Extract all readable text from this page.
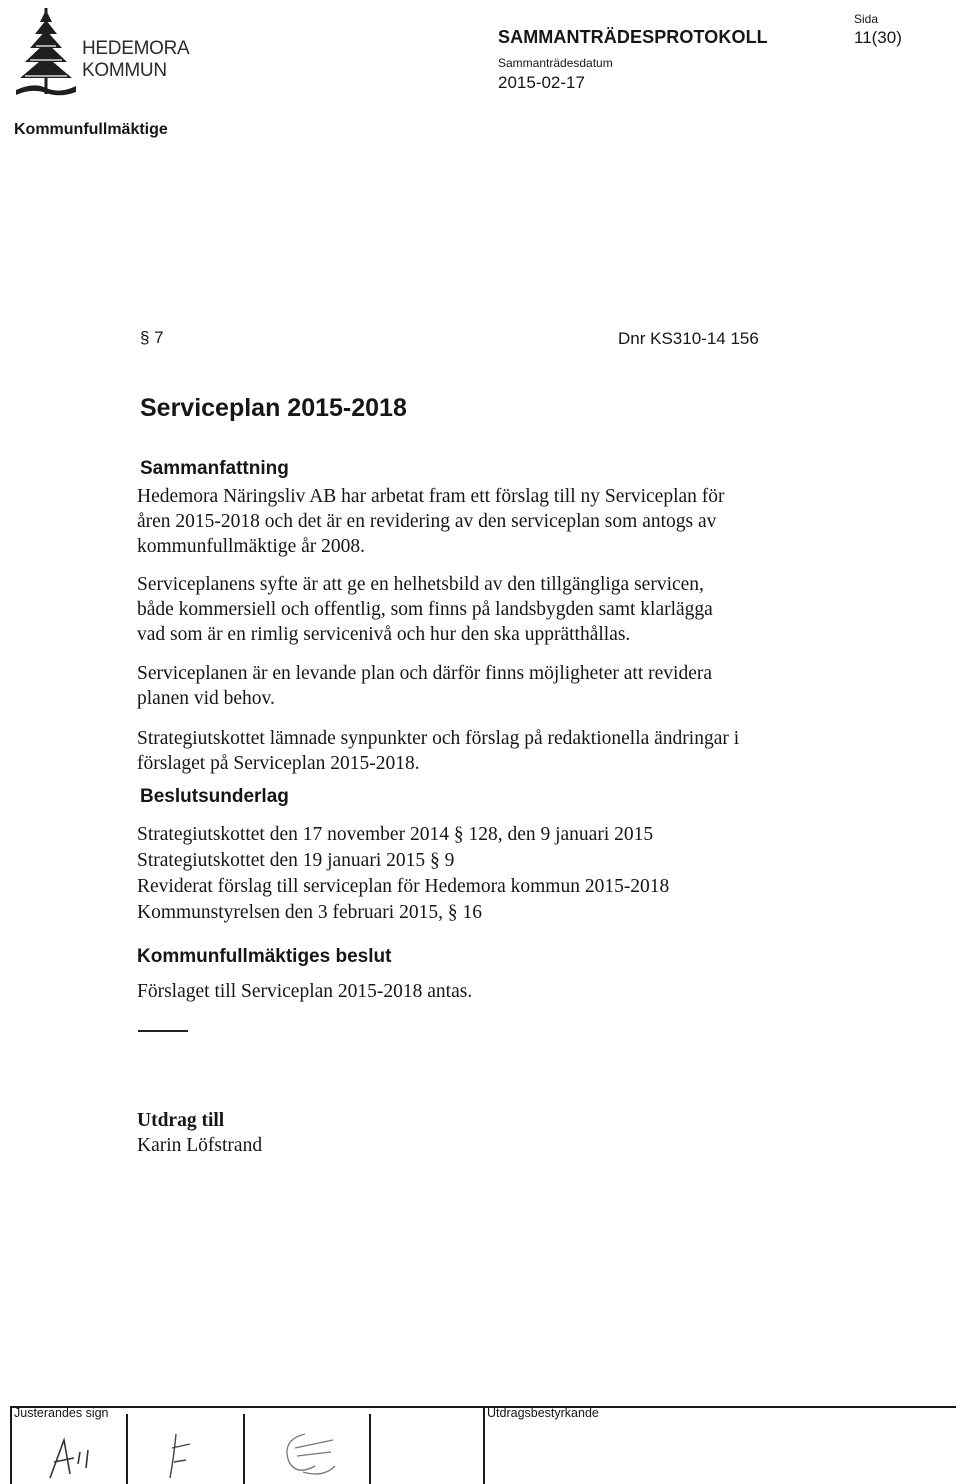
HEDEMORA
KOMMUN
SAMMANTRÄDESPROTOKOLL
Sammanträdesdatum
2015-02-17
Sida
11(30)
Kommunfullmäktige
§ 7	Dnr KS310-14 156
Serviceplan 2015-2018
Sammanfattning
Hedemora Näringsliv AB har arbetat fram ett förslag till ny Serviceplan för
åren 2015-2018 och det är en revidering av den serviceplan som antogs av
kommunfullmäktige år 2008.
Serviceplanens syfte är att ge en helhetsbild av den tillgängliga servicen,
både kommersiell och offentlig, som finns på landsbygden samt klarlägga
vad som är en rimlig servicenivå och hur den ska upprätthållas.
Serviceplanen är en levande plan och därför finns möjligheter att revidera
planen vid behov.
Strategiutskottet lämnade synpunkter och förslag på redaktionella ändringar i
förslaget på Serviceplan 2015-2018.
Beslutsunderlag
Strategiutskottet den 17 november 2014 § 128, den 9 januari 2015
Strategiutskottet den 19 januari 2015 § 9
Reviderat förslag till serviceplan för Hedemora kommun 2015-2018
Kommunstyrelsen den 3 februari 2015, § 16
Kommunfullmäktiges beslut
Förslaget till Serviceplan 2015-2018 antas.
Utdrag till
Karin Löfstrand
Justerandes sign	Utdragsbestyrkande
